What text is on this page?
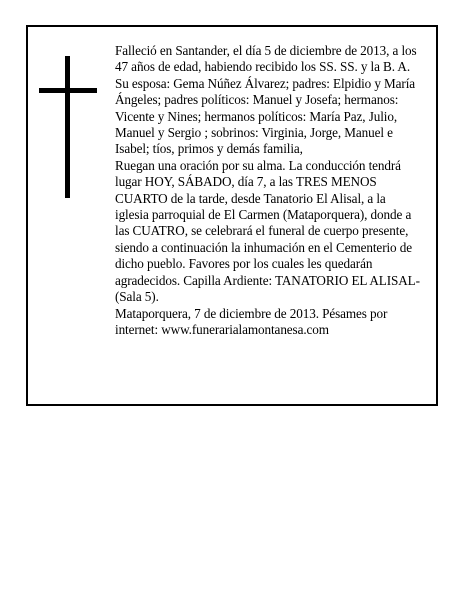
Falleció en Santander, el día 5 de diciembre de 2013, a los 47 años de edad, habiendo recibido los SS. SS. y la B. A.

Su esposa: Gema Núñez Álvarez; padres: Elpidio y María Ángeles; padres políticos: Manuel y Josefa; hermanos: Vicente y Nines; hermanos políticos: María Paz, Julio, Manuel y Sergio ; sobrinos: Virginia, Jorge, Manuel e Isabel; tíos, primos y demás familia,

Ruegan una oración por su alma. La conducción tendrá lugar HOY, SÁBADO, día 7, a las TRES MENOS CUARTO de la tarde, desde Tanatorio El Alisal, a la iglesia parroquial de El Carmen (Mataporquera), donde a las CUATRO, se celebrará el funeral de cuerpo presente, siendo a continuación la inhumación en el Cementerio de dicho pueblo. Favores por los cuales les quedarán agradecidos. Capilla Ardiente: TANATORIO EL ALISAL-(Sala 5).

Mataporquera, 7 de diciembre de 2013. Pésames por internet: www.funerarialamontanesa.com
